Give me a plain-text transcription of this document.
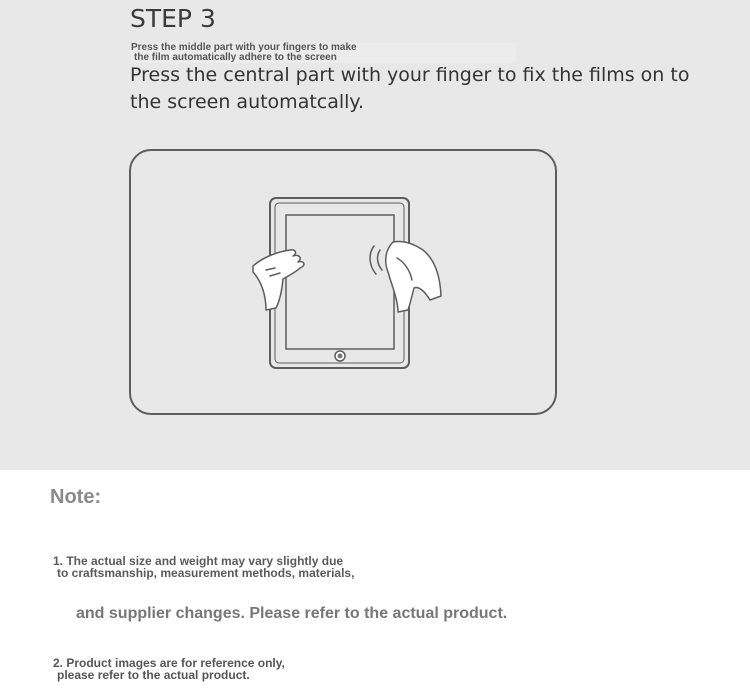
STEP 3
Press the middle part with your fingers to make
the film automatically adhere to the screen
Press the central part with your finger to fix the films on to the screen automatcally.
Note:
1. The actual size and weight may vary slightly due
to craftsmanship, measurement methods, materials,
and supplier changes. Please refer to the actual product.
2. Product images are for reference only,
please refer to the actual product.
